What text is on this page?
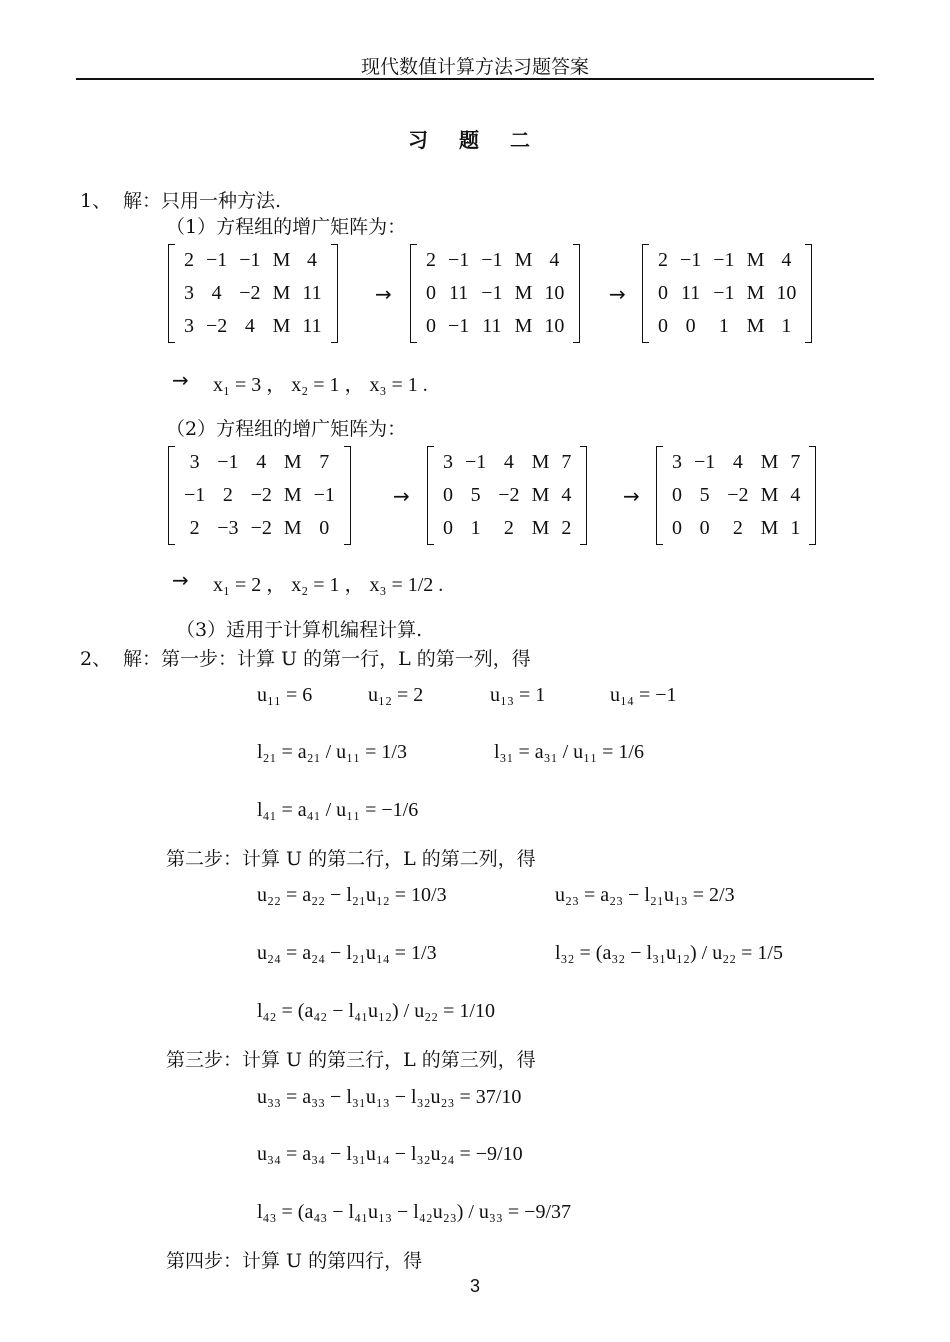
现代数值计算方法习题答案
习 题 二
1、 解：只用一种方法.
（1）方程组的增广矩阵为：
2	−1	−1	M	4
3	4	−2	M	11
3	−2	4	M	11
2	−1	−1	M	4
0	11	−1	M	10
0	−1	11	M	10
2	−1	−1	M	4
0	11	−1	M	10
0	0	1	M	1
→ x₁ = 3 ， x₂ = 1 ， x₃ = 1 .
（2）方程组的增广矩阵为：
3	−1	4	M	7
−1	2	−2	M	−1
2	−3	−2	M	0
3	−1	4	M	7
0	5	−2	M	4
0	1	2	M	2
3	−1	4	M	7
0	5	−2	M	4
0	0	2	M	1
→ x₁ = 2 ， x₂ = 1 ， x₃ = 1/2 .
（3）适用于计算机编程计算.
2、 解：第一步：计算 U 的第一行，L 的第一列，得
u₁₁ = 6	u₁₂ = 2	u₁₃ = 1	u₁₄ = −1
l₂₁ = a₂₁ / u₁₁ = 1/3	l₃₁ = a₃₁ / u₁₁ = 1/6
l₄₁ = a₄₁ / u₁₁ = −1/6
第二步：计算 U 的第二行，L 的第二列，得
u₂₂ = a₂₂ − l₂₁u₁₂ = 10/3	u₂₃ = a₂₃ − l₂₁u₁₃ = 2/3
u₂₄ = a₂₄ − l₂₁u₁₄ = 1/3	l₃₂ = (a₃₂ − l₃₁u₁₂) / u₂₂ = 1/5
l₄₂ = (a₄₂ − l₄₁u₁₂) / u₂₂ = 1/10
第三步：计算 U 的第三行，L 的第三列，得
u₃₃ = a₃₃ − l₃₁u₁₃ − l₃₂u₂₃ = 37/10
u₃₄ = a₃₄ − l₃₁u₁₄ − l₃₂u₂₄ = −9/10
l₄₃ = (a₄₃ − l₄₁u₁₃ − l₄₂u₂₃) / u₃₃ = −9/37
第四步：计算 U 的第四行，得
3
→	→
→	→
